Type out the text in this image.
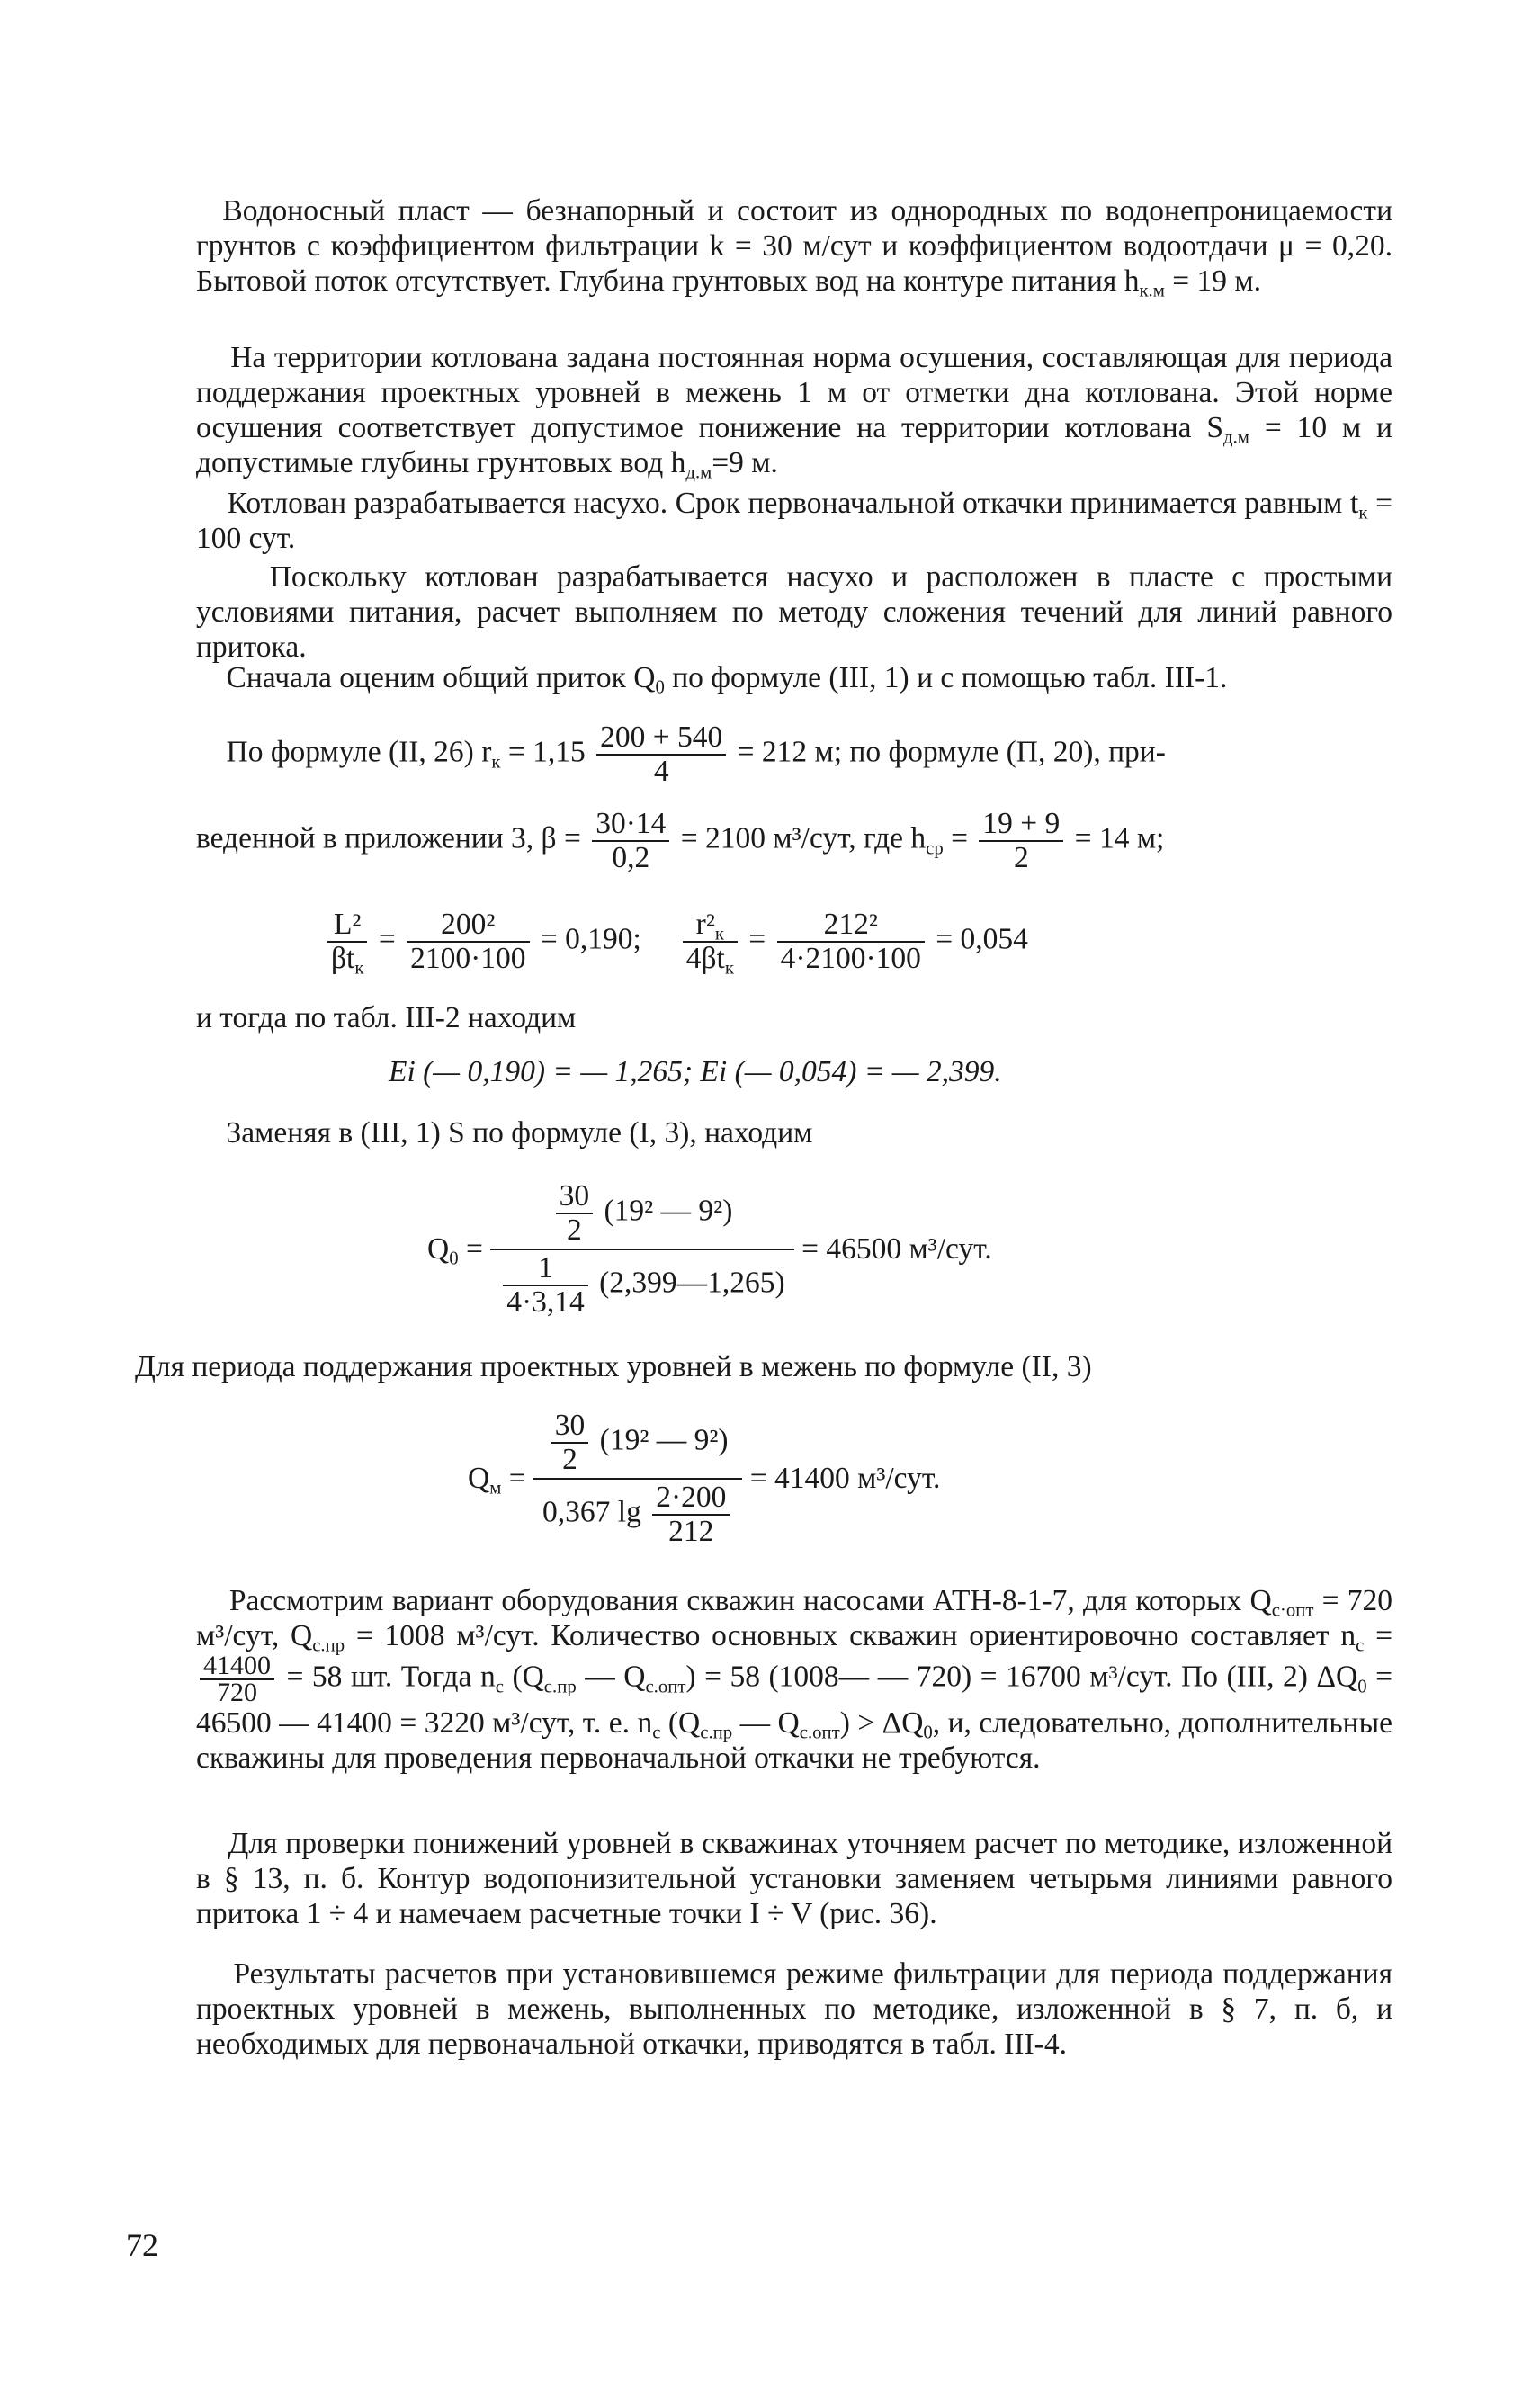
Водоносный пласт — безнапорный и состоит из однородных по водонепроницаемости грунтов с коэффициентом фильтрации k = 30 м/сут и коэффициентом водоотдачи μ = 0,20. Бытовой поток отсутствует. Глубина грунтовых вод на контуре питания $h_{к.м} = 19$ м.

На территории котлована задана постоянная норма осушения, составляющая для периода поддержания проектных уровней в межень 1 м от отметки дна котлована. Этой норме осушения соответствует допустимое понижение на территории котлована $S_{д.м} = 10$ м и допустимые глубины грунтовых вод $h_{д.м}=9$ м.

Котлован разрабатывается насухо. Срок первоначальной откачки принимается равным $t_к = 100$ сут.

Поскольку котлован разрабатывается насухо и расположен в пласте с простыми условиями питания, расчет выполняем по методу сложения течений для линий равного притока.

Сначала оценим общий приток $Q_0$ по формуле (III, 1) и с помощью табл. III-1.

По формуле (II, 26) $r_к = 1,15 \frac{200 + 540}{4} = 212$ м; по формуле (П, 20), при-
веденной в приложении 3, $\beta = \frac{30\cdot 14}{0,2} = 2100$ м³/сут, где $h_{ср} = \frac{19 + 9}{2} = 14$ м;
$\frac{\text{L²}}{\beta t_к} = \frac{\text{200²}}{2100\cdot 100} = 0,190$; $\frac{r^2_к}{4\beta t_к} = \frac{\text{212²}}{4\cdot 2100\cdot 100} = 0,054$
и тогда по табл. III-2 находим
Ei (— 0,190) = — 1,265; Ei (— 0,054) = — 2,399.
Заменяя в (III, 1) S по формуле (I, 3), находим
$Q_0 = \frac{\frac{30}{2} (19^2 — 9^2)}{\frac{1}{4\cdot 3,14} (2,399—1,265)} = 46500$ м³/сут.
Для периода поддержания проектных уровней в межень по формуле (II, 3)
$Q_м = \frac{\frac{30}{2} (19^2 — 9^2)}{0,367 \lg \frac{2\cdot 200}{212}} = 41400$ м³/сут.

Рассмотрим вариант оборудования скважин насосами АТН-8-1-7, для которых $Q_{с\cdot опт} = 720$ м³/сут, $Q_{с.пр} = 1008$ м³/сут. Количество основных скважин ориентировочно составляет $n_с$ =
$\frac{41400}{720} = 58$ шт. Тогда $n_с$ ($Q_{с.пр}$ — $Q_{с.опт}) = 58$ (1008— — 720) = 16700 м³/сут. По (III, 2) $\Delta Q_0 = 46500$ — 41400 = 3220 м³/сут, т. е. $n_с$ ($Q_{с.пр}$ — $Q_{с.опт}) > \Delta Q_0$, и, следовательно, дополнительные скважины для проведения первоначальной откачки не требуются.

Для проверки понижений уровней в скважинах уточняем расчет по методике, изложенной в § 13, п. б. Контур водопонизительной установки заменяем четырьмя линиями равного притока 1 ÷ 4 и намечаем расчетные точки I ÷ V (рис. 36).

Результаты расчетов при установившемся режиме фильтрации для периода поддержания проектных уровней в межень, выполненных по методике, изложенной в § 7, п. б, и необходимых для первоначальной откачки, приводятся в табл. III-4.

72
